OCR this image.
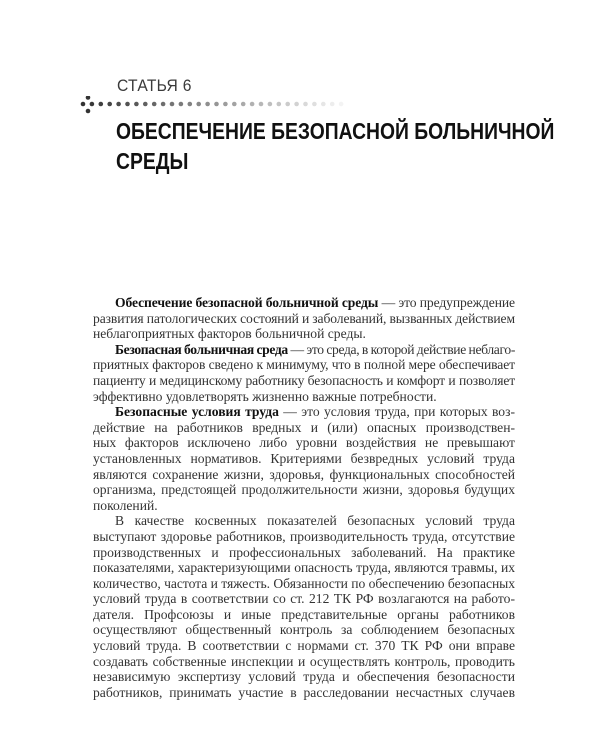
СТАТЬЯ 6
ОБЕСПЕЧЕНИЕ БЕЗОПАСНОЙ БОЛЬНИЧНОЙ
СРЕДЫ
Обеспечение безопасной больничной среды — это предупреждение
развития патологических состояний и заболеваний, вызванных действием
неблагоприятных факторов больничной среды.
Безопасная больничная среда — это среда, в которой действие неблаго-
приятных факторов сведено к минимуму, что в полной мере обеспечивает
пациенту и медицинскому работнику безопасность и комфорт и позволяет
эффективно удовлетворять жизненно важные потребности.
Безопасные условия труда — это условия труда, при которых воз-
действие на работников вредных и (или) опасных производствен-
ных факторов исключено либо уровни воздействия не превышают
установленных нормативов. Критериями безвредных условий труда
являются сохранение жизни, здоровья, функциональных способностей
организма, предстоящей продолжительности жизни, здоровья будущих
поколений.
В качестве косвенных показателей безопасных условий труда
выступают здоровье работников, производительность труда, отсутствие
производственных и профессиональных заболеваний. На практике
показателями, характеризующими опасность труда, являются травмы, их
количество, частота и тяжесть. Обязанности по обеспечению безопасных
условий труда в соответствии со ст. 212 ТК РФ возлагаются на работо-
дателя. Профсоюзы и иные представительные органы работников
осуществляют общественный контроль за соблюдением безопасных
условий труда. В соответствии с нормами ст. 370 ТК РФ они вправе
создавать собственные инспекции и осуществлять контроль, проводить
независимую экспертизу условий труда и обеспечения безопасности
работников, принимать участие в расследовании несчастных случаев
